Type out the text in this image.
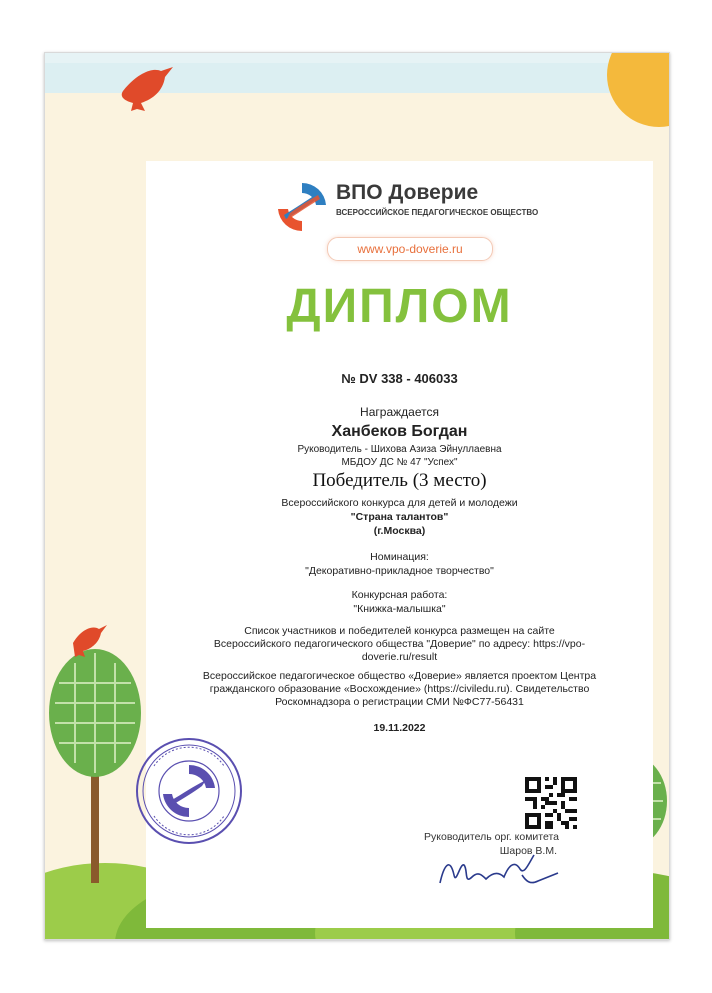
ВПО Доверие
ВСЕРОССИЙСКОЕ ПЕДАГОГИЧЕСКОЕ ОБЩЕСТВО
www.vpo-doverie.ru
ДИПЛОМ
№ DV 338 - 406033
Награждается
Ханбеков Богдан
Руководитель - Шихова Азиза Эйнуллаевна
МБДОУ ДС № 47 "Успех"
Победитель (3 место)
Всероссийского конкурса для детей и молодежи
"Страна талантов"
(г.Москва)
Номинация:
"Декоративно-прикладное творчество"
Конкурсная работа:
"Книжка-малышка"
Список участников и победителей конкурса размещен на сайте
Всероссийского педагогического общества "Доверие" по адресу: https://vpo-
doverie.ru/result
Всероссийское педагогическое общество «Доверие» является проектом Центра
гражданского образование «Восхождение» (https://civiledu.ru). Свидетельство
Роскомнадзора о регистрации СМИ №ФС77-56431
19.11.2022
Руководитель орг. комитета
Шаров В.М.
